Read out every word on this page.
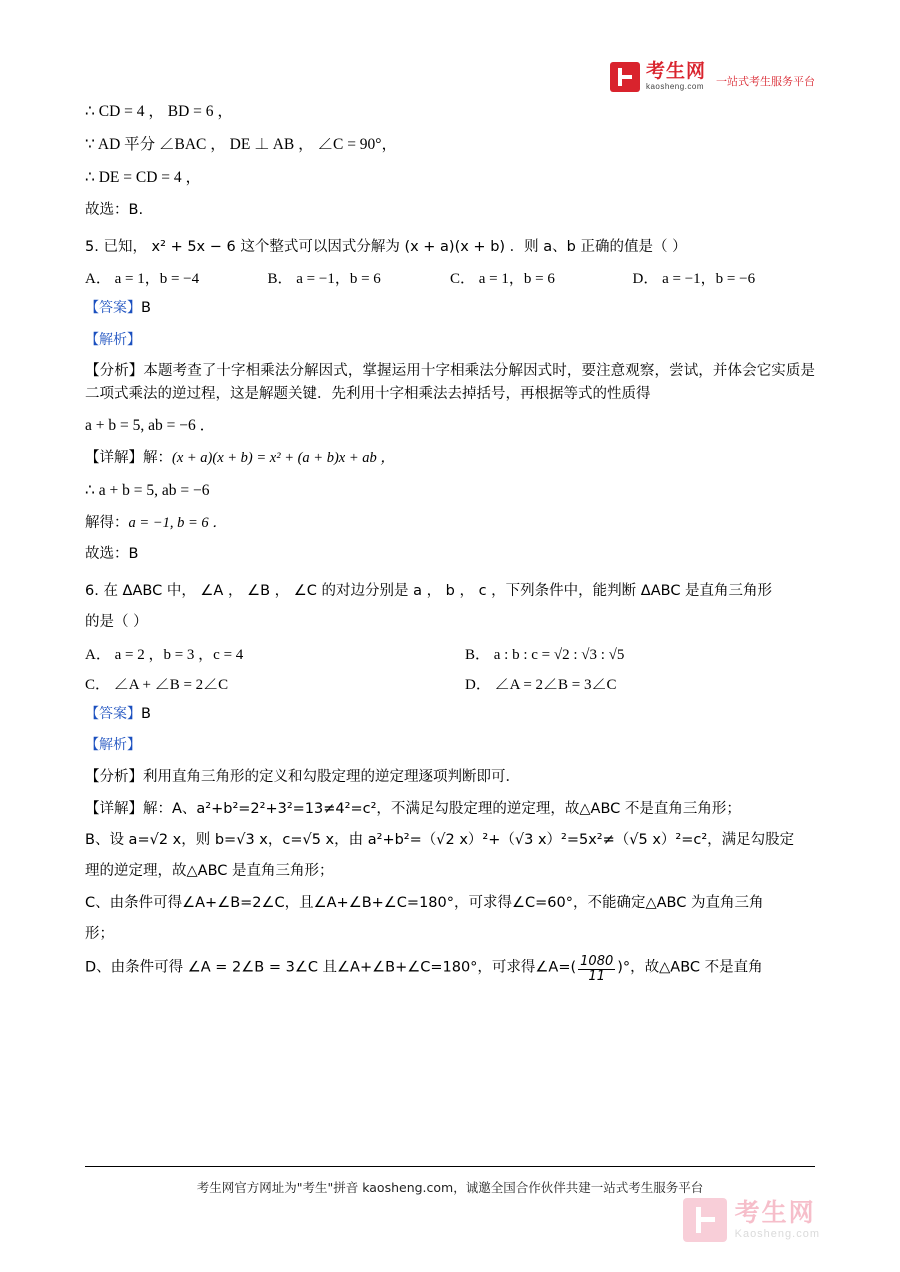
考生网
kaosheng.com 一站式考生服务平台

∴ CD = 4 ， BD = 6 ，

∵ AD 平分 ∠BAC ， DE ⊥ AB ， ∠C = 90°，

∴ DE = CD = 4 ，

故选：B.

5. 已知， x² + 5x − 6 这个整式可以因式分解为 (x + a)(x + b) ．则 a、b 正确的值是（ ）

A． a = 1，b = −4	B． a = −1，b = 6	C． a = 1，b = 6	D． a = −1，b = −6

【答案】B

【解析】

【分析】本题考查了十字相乘法分解因式，掌握运用十字相乘法分解因式时，要注意观察，尝试，并体会它实质是二项式乘法的逆过程，这是解题关键．先利用十字相乘法去掉括号，再根据等式的性质得

a + b = 5, ab = −6 ．

【详解】解：(x + a)(x + b) = x² + (a + b)x + ab ，

∴ a + b = 5, ab = −6

解得：a = −1, b = 6 ．

故选：B

6. 在 ΔABC 中， ∠A ， ∠B ， ∠C 的对边分别是 a ， b ， c ，下列条件中，能判断 ΔABC 是直角三角形

的是（ ）

A． a = 2 ，b = 3 ，c = 4	B． a : b : c = √2 : √3 : √5
C． ∠A + ∠B = 2∠C	D． ∠A = 2∠B = 3∠C

【答案】B

【解析】

【分析】利用直角三角形的定义和勾股定理的逆定理逐项判断即可．

【详解】解：A、a²+b²=2²+3²=13≠4²=c²，不满足勾股定理的逆定理，故△ABC 不是直角三角形；

B、设 a=√2 x，则 b=√3 x，c=√5 x，由 a²+b²=（√2 x）²+（√3 x）²=5x²≠（√5 x）²=c²，满足勾股定

理的逆定理，故△ABC 是直角三角形；

C、由条件可得∠A+∠B=2∠C，且∠A+∠B+∠C=180°，可求得∠C=60°，不能确定△ABC 为直角三角

形；

D、由条件可得 ∠A = 2∠B = 3∠C 且∠A+∠B+∠C=180°，可求得∠A=( $\frac{1080}{11}$ )°，故△ABC 不是直角

考生网官方网址为"考生"拼音 kaosheng.com，诚邀全国合作伙伴共建一站式考生服务平台
考生网
Kaosheng.com
